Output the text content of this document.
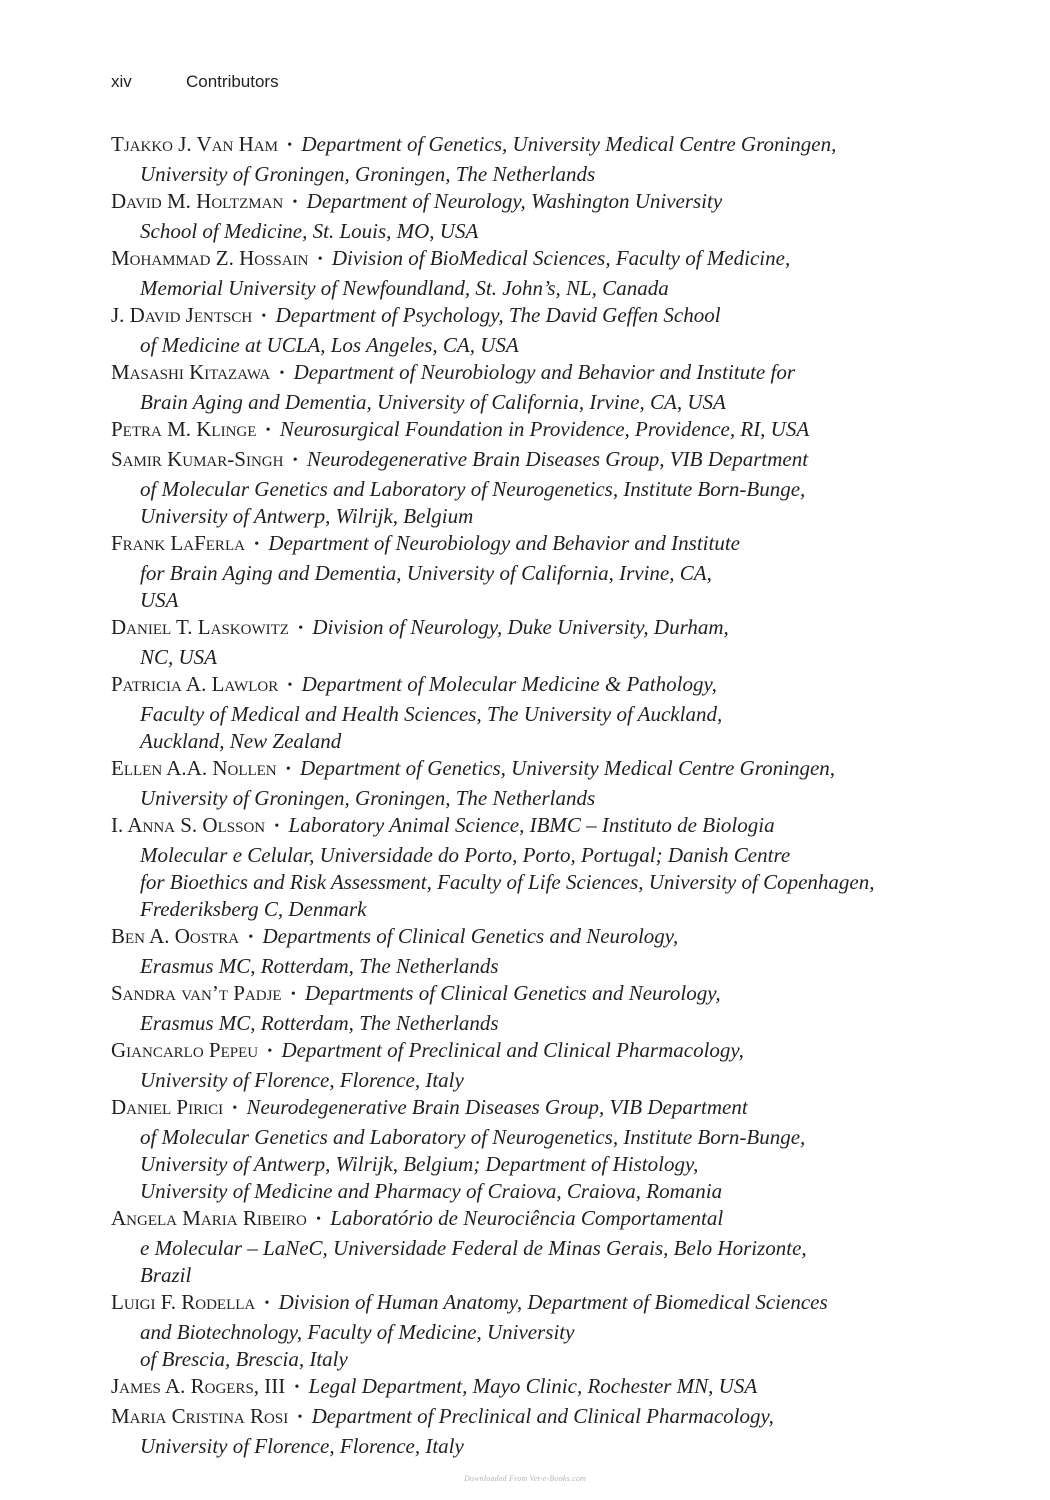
xiv	Contributors
Tjakko J. Van Ham • Department of Genetics, University Medical Centre Groningen,
University of Groningen, Groningen, The Netherlands
David M. Holtzman • Department of Neurology, Washington University
School of Medicine, St. Louis, MO, USA
Mohammad Z. Hossain • Division of BioMedical Sciences, Faculty of Medicine,
Memorial University of Newfoundland, St. John’s, NL, Canada
J. David Jentsch • Department of Psychology, The David Geffen School
of Medicine at UCLA, Los Angeles, CA, USA
Masashi Kitazawa • Department of Neurobiology and Behavior and Institute for
Brain Aging and Dementia, University of California, Irvine, CA, USA
Petra M. Klinge • Neurosurgical Foundation in Providence, Providence, RI, USA
Samir Kumar-Singh • Neurodegenerative Brain Diseases Group, VIB Department
of Molecular Genetics and Laboratory of Neurogenetics, Institute Born-Bunge,
University of Antwerp, Wilrijk, Belgium
Frank LaFerla • Department of Neurobiology and Behavior and Institute
for Brain Aging and Dementia, University of California, Irvine, CA,
USA
Daniel T. Laskowitz • Division of Neurology, Duke University, Durham,
NC, USA
Patricia A. Lawlor • Department of Molecular Medicine & Pathology,
Faculty of Medical and Health Sciences, The University of Auckland,
Auckland, New Zealand
Ellen A.A. Nollen • Department of Genetics, University Medical Centre Groningen,
University of Groningen, Groningen, The Netherlands
I. Anna S. Olsson • Laboratory Animal Science, IBMC – Instituto de Biologia
Molecular e Celular, Universidade do Porto, Porto, Portugal; Danish Centre
for Bioethics and Risk Assessment, Faculty of Life Sciences, University of Copenhagen,
Frederiksberg C, Denmark
Ben A. Oostra • Departments of Clinical Genetics and Neurology,
Erasmus MC, Rotterdam, The Netherlands
Sandra van’t Padje • Departments of Clinical Genetics and Neurology,
Erasmus MC, Rotterdam, The Netherlands
Giancarlo Pepeu • Department of Preclinical and Clinical Pharmacology,
University of Florence, Florence, Italy
Daniel Pirici • Neurodegenerative Brain Diseases Group, VIB Department
of Molecular Genetics and Laboratory of Neurogenetics, Institute Born-Bunge,
University of Antwerp, Wilrijk, Belgium; Department of Histology,
University of Medicine and Pharmacy of Craiova, Craiova, Romania
Angela Maria Ribeiro • Laboratório de Neurociência Comportamental
e Molecular – LaNeC, Universidade Federal de Minas Gerais, Belo Horizonte,
Brazil
Luigi F. Rodella • Division of Human Anatomy, Department of Biomedical Sciences
and Biotechnology, Faculty of Medicine, University
of Brescia, Brescia, Italy
James A. Rogers, III • Legal Department, Mayo Clinic, Rochester MN, USA
Maria Cristina Rosi • Department of Preclinical and Clinical Pharmacology,
University of Florence, Florence, Italy
Downloaded From Vet-e-Books.com
